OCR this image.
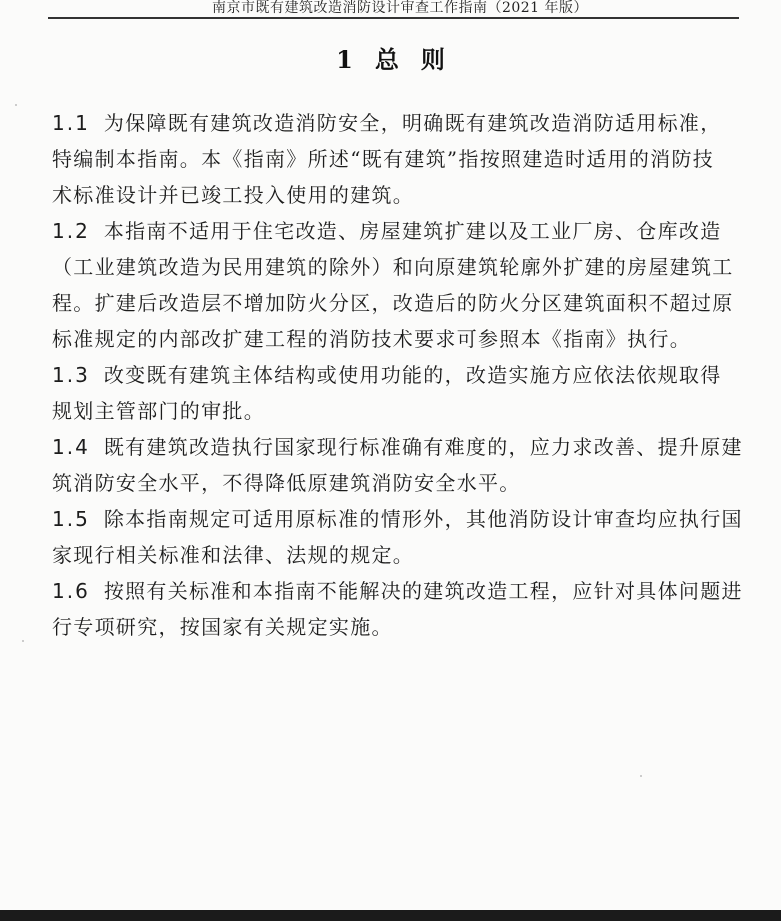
南京市既有建筑改造消防设计审查工作指南（2021 年版）
1 总 则

1.1 为保障既有建筑改造消防安全，明确既有建筑改造消防适用标准，
特编制本指南。本《指南》所述“既有建筑”指按照建造时适用的消防技
术标准设计并已竣工投入使用的建筑。

1.2 本指南不适用于住宅改造、房屋建筑扩建以及工业厂房、仓库改造
（工业建筑改造为民用建筑的除外）和向原建筑轮廓外扩建的房屋建筑工
程。扩建后改造层不增加防火分区，改造后的防火分区建筑面积不超过原
标准规定的内部改扩建工程的消防技术要求可参照本《指南》执行。

1.3 改变既有建筑主体结构或使用功能的，改造实施方应依法依规取得
规划主管部门的审批。

1.4 既有建筑改造执行国家现行标准确有难度的，应力求改善、提升原建
筑消防安全水平，不得降低原建筑消防安全水平。

1.5 除本指南规定可适用原标准的情形外，其他消防设计审查均应执行国
家现行相关标准和法律、法规的规定。

1.6 按照有关标准和本指南不能解决的建筑改造工程，应针对具体问题进
行专项研究，按国家有关规定实施。
